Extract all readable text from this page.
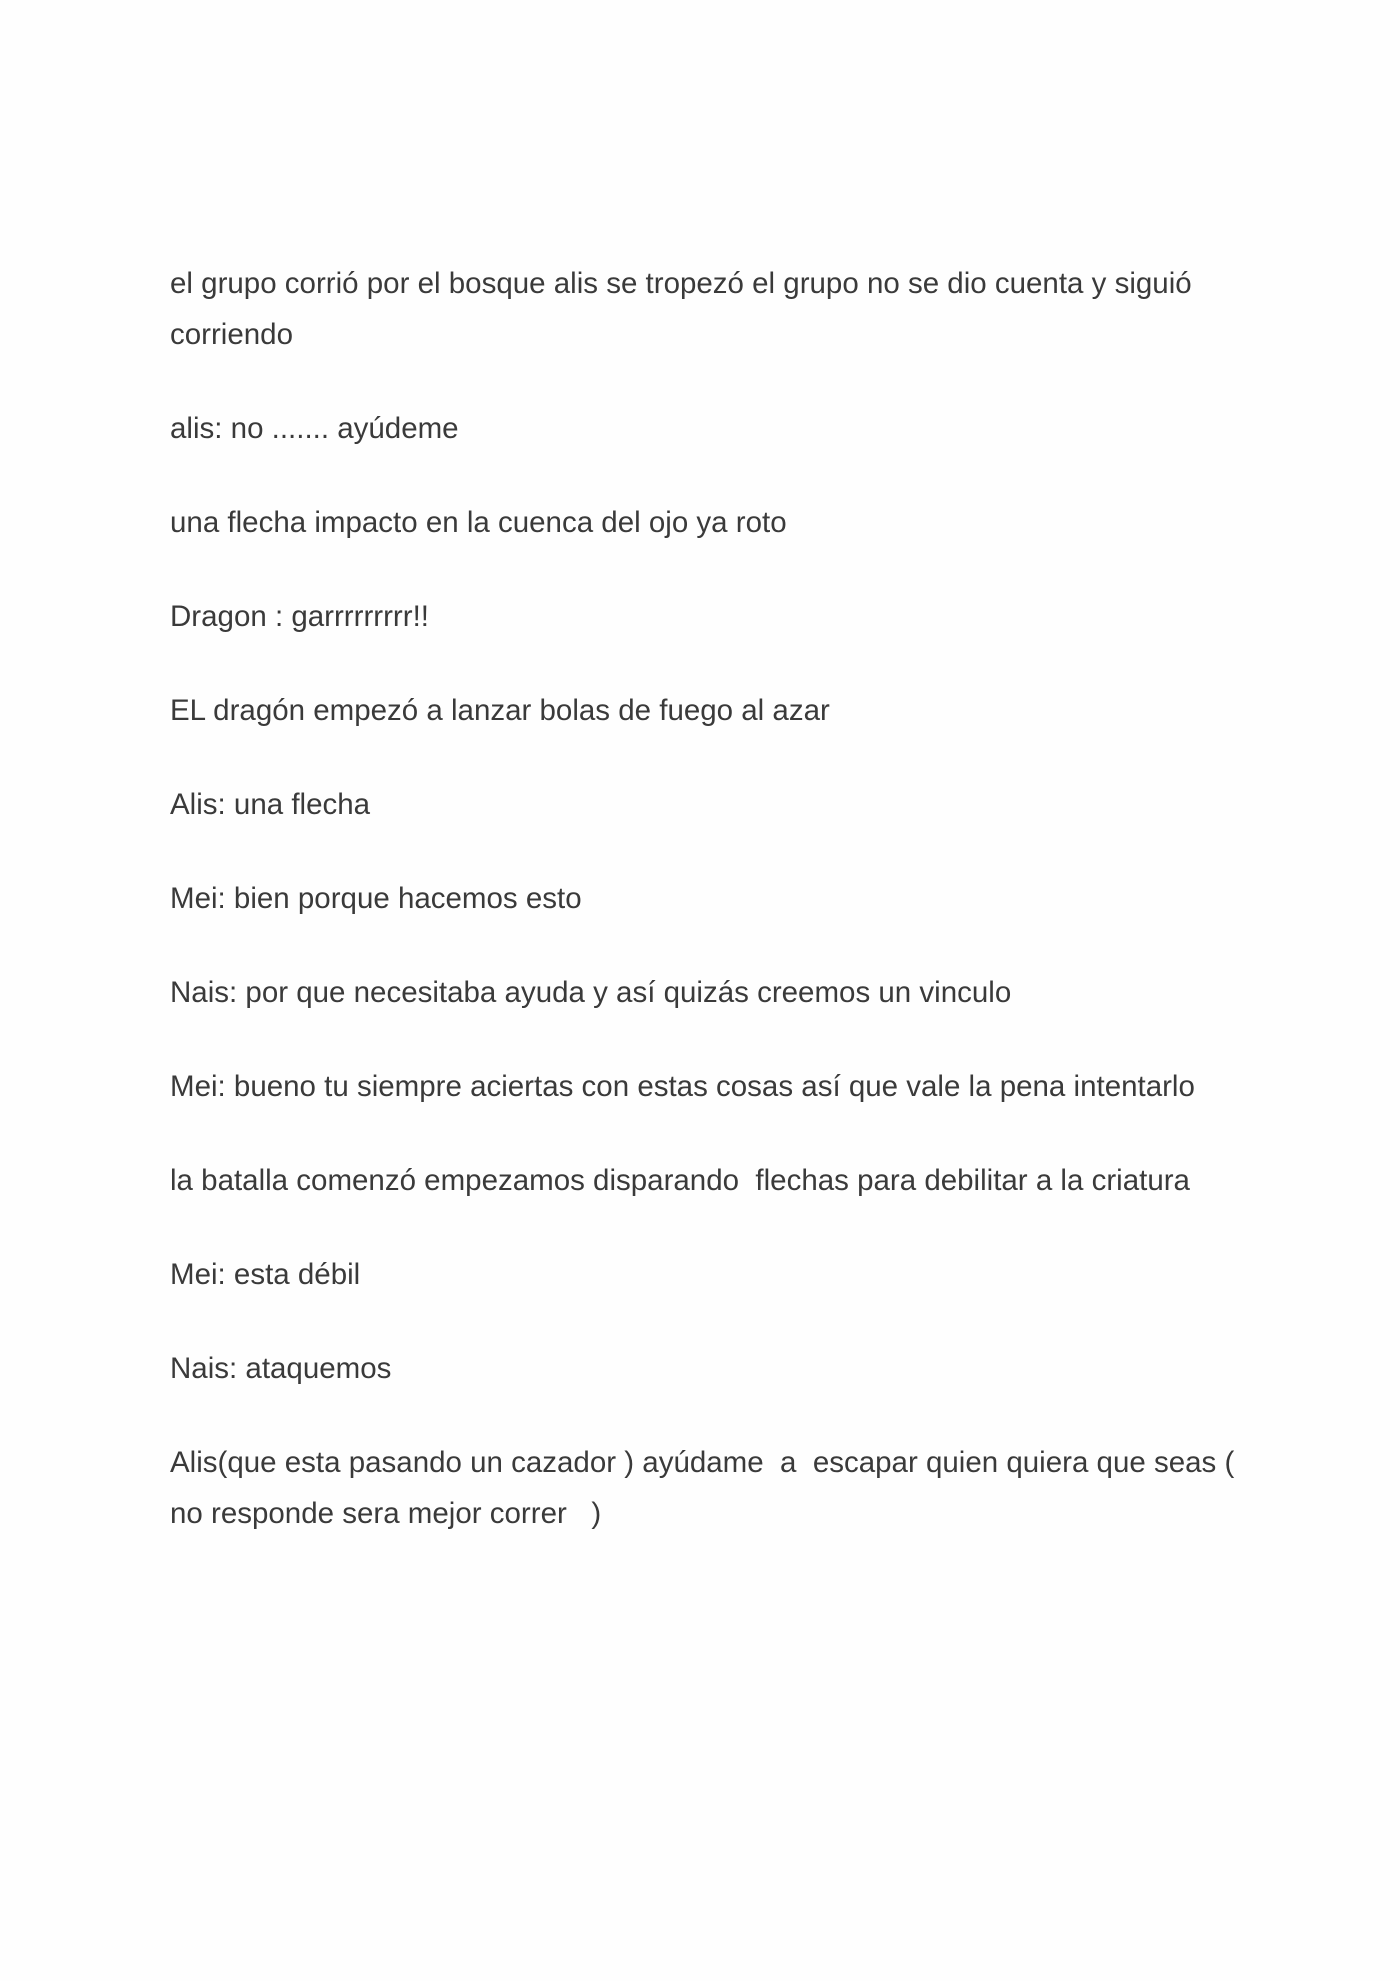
el grupo corrió por el bosque alis se tropezó el grupo no se dio cuenta y siguió corriendo

alis: no ....... ayúdeme

una flecha impacto en la cuenca del ojo ya roto

Dragon : garrrrrrrrr!!

EL dragón empezó a lanzar bolas de fuego al azar

Alis: una flecha

Mei: bien porque hacemos esto

Nais: por que necesitaba ayuda y así quizás creemos un vinculo

Mei: bueno tu siempre aciertas con estas cosas así que vale la pena intentarlo

la batalla comenzó empezamos disparando  flechas para debilitar a la criatura

Mei: esta débil

Nais: ataquemos

Alis(que esta pasando un cazador ) ayúdame  a  escapar quien quiera que seas ( no responde sera mejor correr   )
